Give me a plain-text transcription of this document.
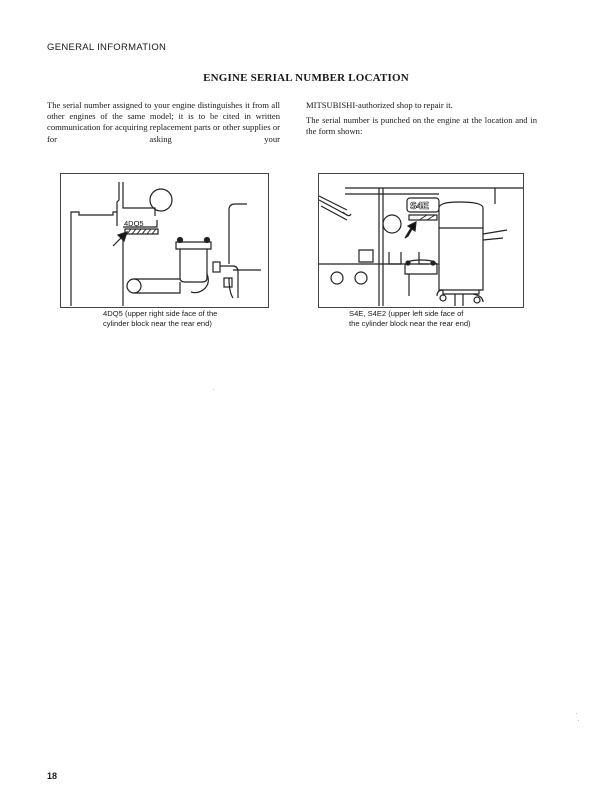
GENERAL INFORMATION
ENGINE SERIAL NUMBER LOCATION

The serial number assigned to your engine distinguishes it from all other engines of the same model; it is to be cited in written communication for acquiring replacement parts or other supplies or for asking your

MITSUBISHI-authorized shop to repair it.

The serial number is punched on the engine at the location and in the form shown:

4DQ5
4DQ5 (upper right side face of the
cylinder block near the rear end)
S4E
S4E, S4E2 (upper left side face of
the cylinder block near the rear end)
18
